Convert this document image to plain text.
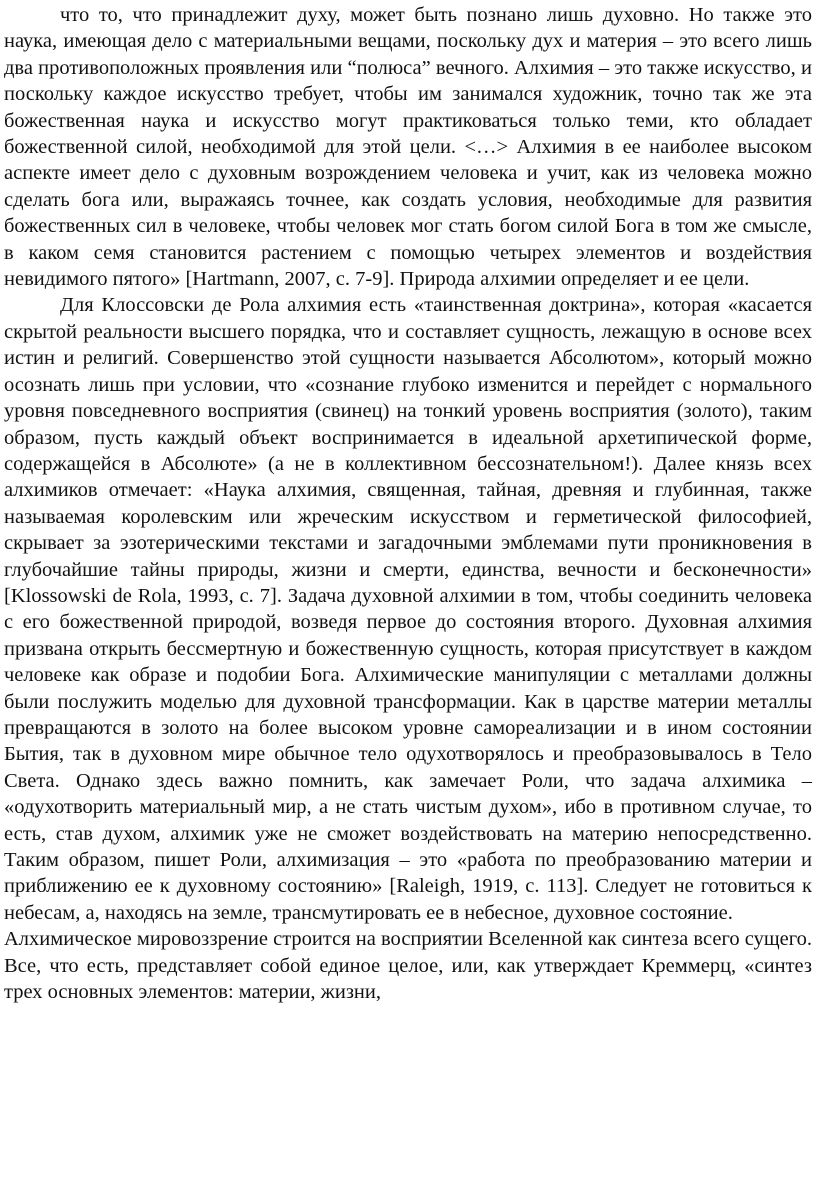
что то, что принадлежит духу, может быть познано лишь духовно. Но также это наука, имеющая дело с материальными вещами, поскольку дух и материя – это всего лишь два противоположных проявления или “полюса” вечного. Алхимия – это также искусство, и поскольку каждое искусство требует, чтобы им занимался художник, точно так же эта божественная наука и искусство могут практиковаться только теми, кто обладает божественной силой, необходимой для этой цели. <…> Алхимия в ее наиболее высоком аспекте имеет дело с духовным возрождением человека и учит, как из человека можно сделать бога или, выражаясь точнее, как создать условия, необходимые для развития божественных сил в человеке, чтобы человек мог стать богом силой Бога в том же смысле, в каком семя становится растением с помощью четырех элементов и воздействия невидимого пятого» [Hartmann, 2007, с. 7-9]. Природа алхимии определяет и ее цели.

Для Клоссовски де Рола алхимия есть «таинственная доктрина», которая «касается скрытой реальности высшего порядка, что и составляет сущность, лежащую в основе всех истин и религий. Совершенство этой сущности называется Абсолютом», который можно осознать лишь при условии, что «сознание глубоко изменится и перейдет с нормального уровня повседневного восприятия (свинец) на тонкий уровень восприятия (золото), таким образом, пусть каждый объект воспринимается в идеальной архетипической форме, содержащейся в Абсолюте» (а не в коллективном бессознательном!). Далее князь всех алхимиков отмечает: «Наука алхимия, священная, тайная, древняя и глубинная, также называемая королевским или жреческим искусством и герметической философией, скрывает за эзотерическими текстами и загадочными эмблемами пути проникновения в глубочайшие тайны природы, жизни и смерти, единства, вечности и бесконечности» [Klossowski de Rola, 1993, с. 7]. Задача духовной алхимии в том, чтобы соединить человека с его божественной природой, возведя первое до состояния второго. Духовная алхимия призвана открыть бессмертную и божественную сущность, которая присутствует в каждом человеке как образе и подобии Бога. Алхимические манипуляции с металлами должны были послужить моделью для духовной трансформации. Как в царстве материи металлы превращаются в золото на более высоком уровне самореализации и в ином состоянии Бытия, так в духовном мире обычное тело одухотворялось и преобразовывалось в Тело Света. Однако здесь важно помнить, как замечает Роли, что задача алхимика – «одухотворить материальный мир, а не стать чистым духом», ибо в противном случае, то есть, став духом, алхимик уже не сможет воздействовать на материю непосредственно. Таким образом, пишет Роли, алхимизация – это «работа по преобразованию материи и приближению ее к духовному состоянию» [Raleigh, 1919, с. 113]. Следует не готовиться к небесам, а, находясь на земле, трансмутировать ее в небесное, духовное состояние.

Алхимическое мировоззрение строится на восприятии Вселенной как синтеза всего сущего. Все, что есть, представляет собой единое целое, или, как утверждает Креммерц, «синтез трех основных элементов: материи, жизни,
